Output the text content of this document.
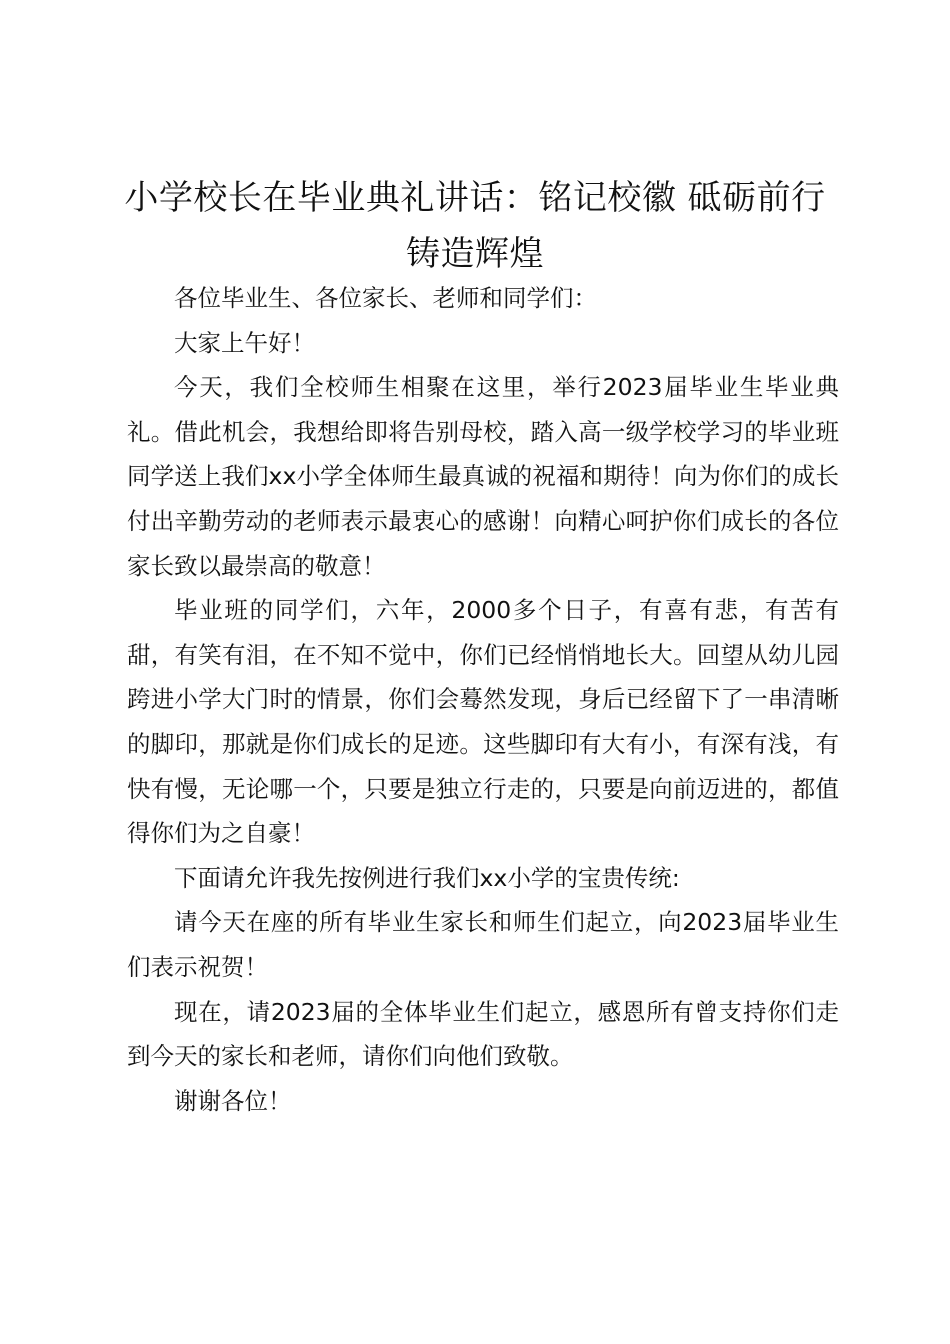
小学校长在毕业典礼讲话：铭记校徽 砥砺前行 铸造辉煌

各位毕业生、各位家长、老师和同学们：

大家上午好！

今天，我们全校师生相聚在这里，举行2023届毕业生毕业典礼。借此机会，我想给即将告别母校，踏入高一级学校学习的毕业班同学送上我们xx小学全体师生最真诚的祝福和期待！向为你们的成长付出辛勤劳动的老师表示最衷心的感谢！向精心呵护你们成长的各位家长致以最崇高的敬意！

毕业班的同学们，六年，2000多个日子，有喜有悲，有苦有甜，有笑有泪，在不知不觉中，你们已经悄悄地长大。回望从幼儿园跨进小学大门时的情景，你们会蓦然发现，身后已经留下了一串清晰的脚印，那就是你们成长的足迹。这些脚印有大有小，有深有浅，有快有慢，无论哪一个，只要是独立行走的，只要是向前迈进的，都值得你们为之自豪！

下面请允许我先按例进行我们xx小学的宝贵传统:

请今天在座的所有毕业生家长和师生们起立，向2023届毕业生们表示祝贺！

现在，请2023届的全体毕业生们起立，感恩所有曾支持你们走到今天的家长和老师，请你们向他们致敬。

谢谢各位！
